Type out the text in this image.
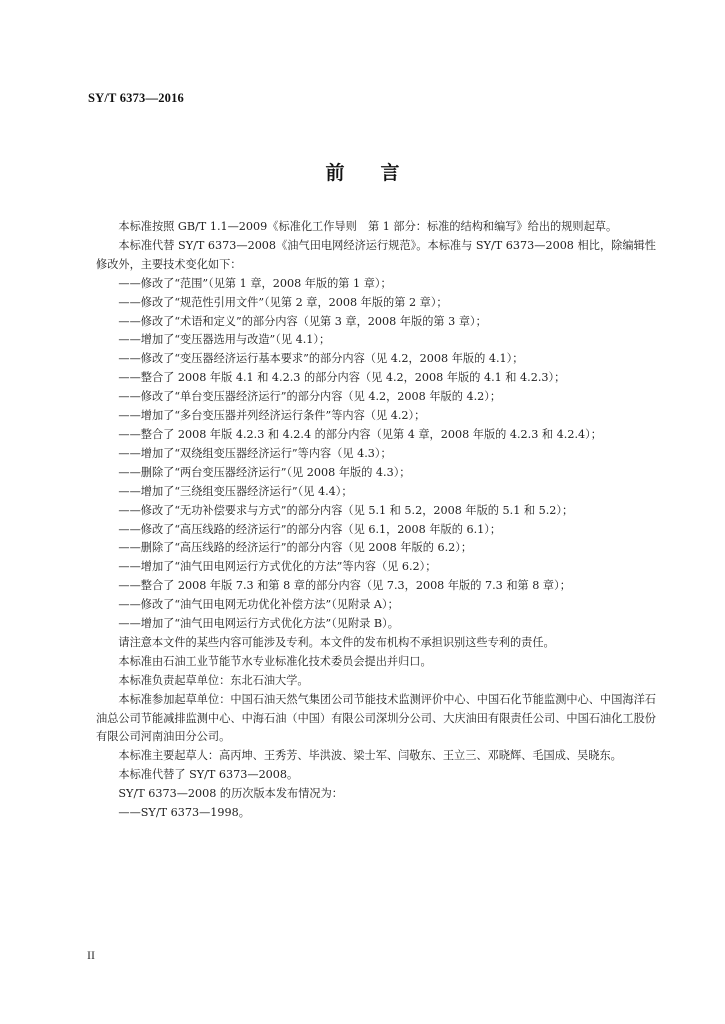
SY/T 6373—2016
前言

本标准按照 GB/T 1.1—2009《标准化工作导则　第 1 部分：标准的结构和编写》给出的规则起草。

本标准代替 SY/T 6373—2008《油气田电网经济运行规范》。本标准与 SY/T 6373—2008 相比，除编辑性修改外，主要技术变化如下：

——修改了“范围”（见第 1 章，2008 年版的第 1 章）；

——修改了“规范性引用文件”（见第 2 章，2008 年版的第 2 章）；

——修改了“术语和定义”的部分内容（见第 3 章，2008 年版的第 3 章）；

——增加了“变压器选用与改造”（见 4.1）；

——修改了“变压器经济运行基本要求”的部分内容（见 4.2，2008 年版的 4.1）；

——整合了 2008 年版 4.1 和 4.2.3 的部分内容（见 4.2，2008 年版的 4.1 和 4.2.3）；

——修改了“单台变压器经济运行”的部分内容（见 4.2，2008 年版的 4.2）；

——增加了“多台变压器并列经济运行条件”等内容（见 4.2）；

——整合了 2008 年版 4.2.3 和 4.2.4 的部分内容（见第 4 章，2008 年版的 4.2.3 和 4.2.4）；

——增加了“双绕组变压器经济运行”等内容（见 4.3）；

——删除了“两台变压器经济运行”（见 2008 年版的 4.3）；

——增加了“三绕组变压器经济运行”（见 4.4）；

——修改了“无功补偿要求与方式”的部分内容（见 5.1 和 5.2，2008 年版的 5.1 和 5.2）；

——修改了“高压线路的经济运行”的部分内容（见 6.1，2008 年版的 6.1）；

——删除了“高压线路的经济运行”的部分内容（见 2008 年版的 6.2）；

——增加了“油气田电网运行方式优化的方法”等内容（见 6.2）；

——整合了 2008 年版 7.3 和第 8 章的部分内容（见 7.3，2008 年版的 7.3 和第 8 章）；

——修改了“油气田电网无功优化补偿方法”（见附录 A）；

——增加了“油气田电网运行方式优化方法”（见附录 B）。

请注意本文件的某些内容可能涉及专利。本文件的发布机构不承担识别这些专利的责任。

本标准由石油工业节能节水专业标准化技术委员会提出并归口。

本标准负责起草单位：东北石油大学。

本标准参加起草单位：中国石油天然气集团公司节能技术监测评价中心、中国石化节能监测中心、中国海洋石油总公司节能减排监测中心、中海石油（中国）有限公司深圳分公司、大庆油田有限责任公司、中国石油化工股份有限公司河南油田分公司。

本标准主要起草人：高丙坤、王秀芳、毕洪波、梁士军、闫敬东、王立三、邓晓辉、毛国成、吴晓东。

本标准代替了 SY/T 6373—2008。

SY/T 6373—2008 的历次版本发布情况为：

——SY/T 6373—1998。

II
